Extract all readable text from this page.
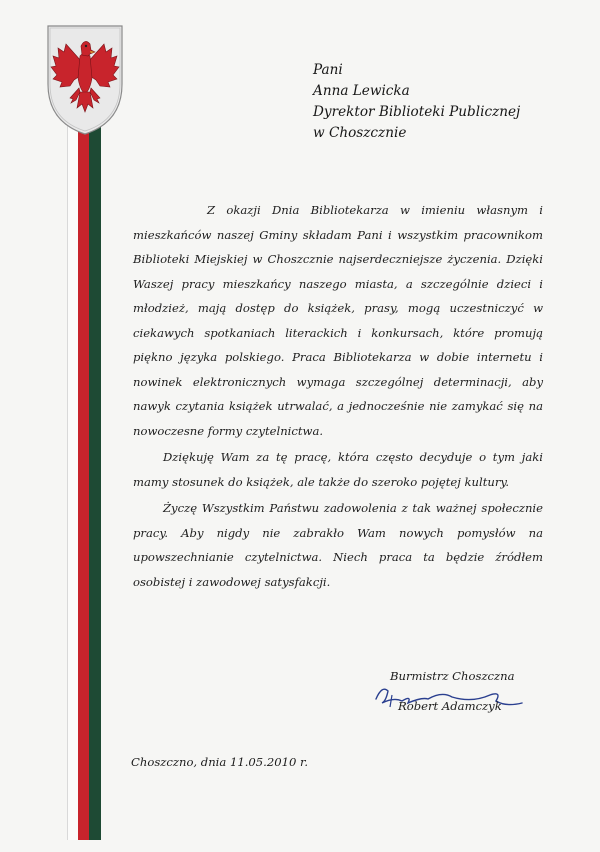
Pani
Anna Lewicka
Dyrektor Biblioteki Publicznej
w Choszcznie

Z okazji Dnia Bibliotekarza w imieniu własnym i mieszkańców naszej Gminy składam Pani i wszystkim pracownikom Biblioteki Miejskiej w Choszcznie najserdeczniejsze życzenia. Dzięki Waszej pracy mieszkańcy naszego miasta, a szczególnie dzieci i młodzież, mają dostęp do książek, prasy, mogą uczestniczyć w ciekawych spotkaniach literackich i konkursach, które promują piękno języka polskiego. Praca Bibliotekarza w dobie internetu i nowinek elektronicznych wymaga szczególnej determinacji, aby nawyk czytania książek utrwalać, a jednocześnie nie zamykać się na nowoczesne formy czytelnictwa.

Dziękuję Wam za tę pracę, która często decyduje o tym jaki mamy stosunek do książek, ale także do szeroko pojętej kultury.

Życzę Wszystkim Państwu zadowolenia z tak ważnej społecznie pracy. Aby nigdy nie zabrakło Wam nowych pomysłów na upowszechnianie czytelnictwa. Niech praca ta będzie źródłem osobistej i zawodowej satysfakcji.

Burmistrz Choszczna
Robert Adamczyk
Choszczno, dnia 11.05.2010 r.
